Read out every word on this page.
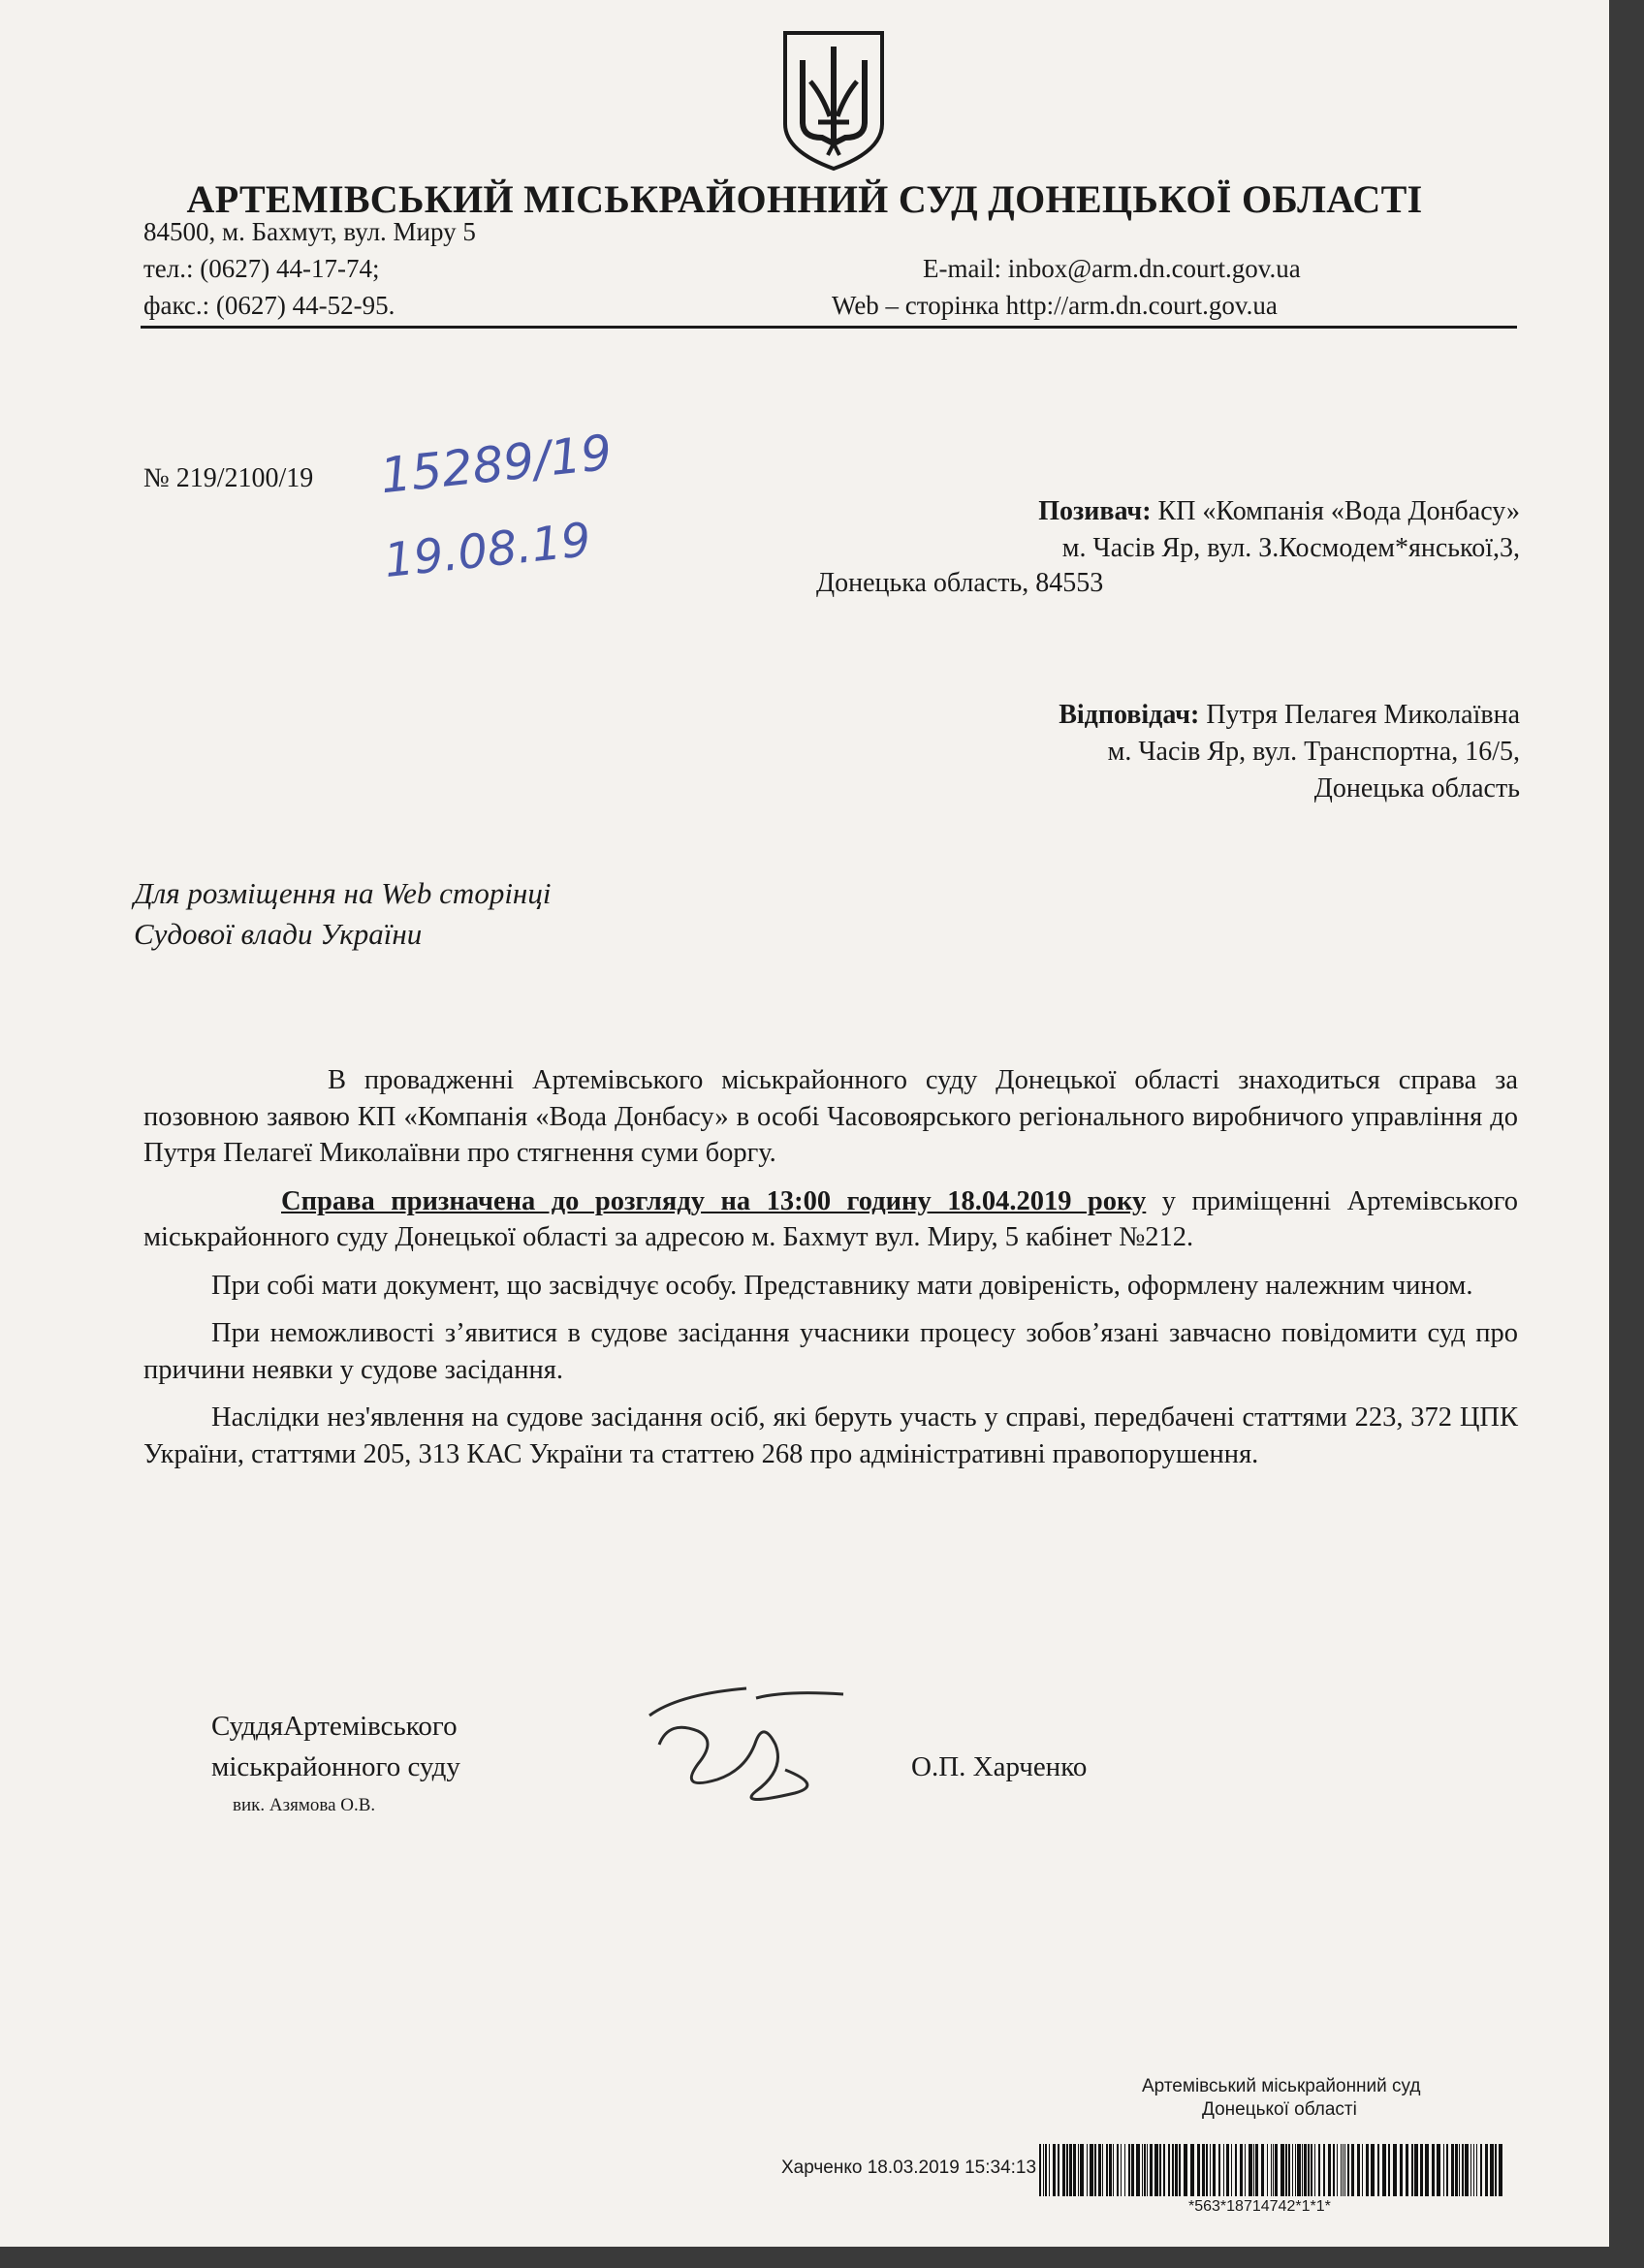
АРТЕМІВСЬКИЙ МІСЬКРАЙОННИЙ СУД ДОНЕЦЬКОЇ ОБЛАСТІ
84500, м. Бахмут, вул. Миру 5
тел.: (0627) 44-17-74;
факс.: (0627) 44-52-95.
E-mail: inbox@arm.dn.court.gov.ua
Web – сторінка http://arm.dn.court.gov.ua
№ 219/2100/19 15289/19
19.08.19
Позивач: КП «Компанія «Вода Донбасу»
м. Часів Яр, вул. З.Космодем*янської,3,
Донецька область, 84553
Відповідач: Путря Пелагея Миколаївна
м. Часів Яр, вул. Транспортна, 16/5,
Донецька область
Для розміщення на Web сторінці
Судової влади України

В провадженні Артемівського міськрайонного суду Донецької області знаходиться справа за позовною заявою КП «Компанія «Вода Донбасу» в особі Часовоярського регіонального виробничого управління до Путря Пелагеї Миколаївни про стягнення суми боргу.

Справа призначена до розгляду на 13:00 годину 18.04.2019 року у приміщенні Артемівського міськрайонного суду Донецької області за адресою м. Бахмут вул. Миру, 5 кабінет №212.

При собі мати документ, що засвідчує особу. Представнику мати довіреність, оформлену належним чином.

При неможливості з’явитися в судове засідання учасники процесу зобов’язані завчасно повідомити суд про причини неявки у судове засідання.

Наслідки нез'явлення на судове засідання осіб, які беруть участь у справі, передбачені статтями 223, 372 ЦПК України, статтями 205, 313 КАС України та статтею 268 про адміністративні правопорушення.

СуддяАртемівського
міськрайонного суду
вик. Азямова О.В.
О.П. Харченко
Артемівський міськрайонний суд
Донецької області
Харченко 18.03.2019 15:34:13
*563*18714742*1*1*
